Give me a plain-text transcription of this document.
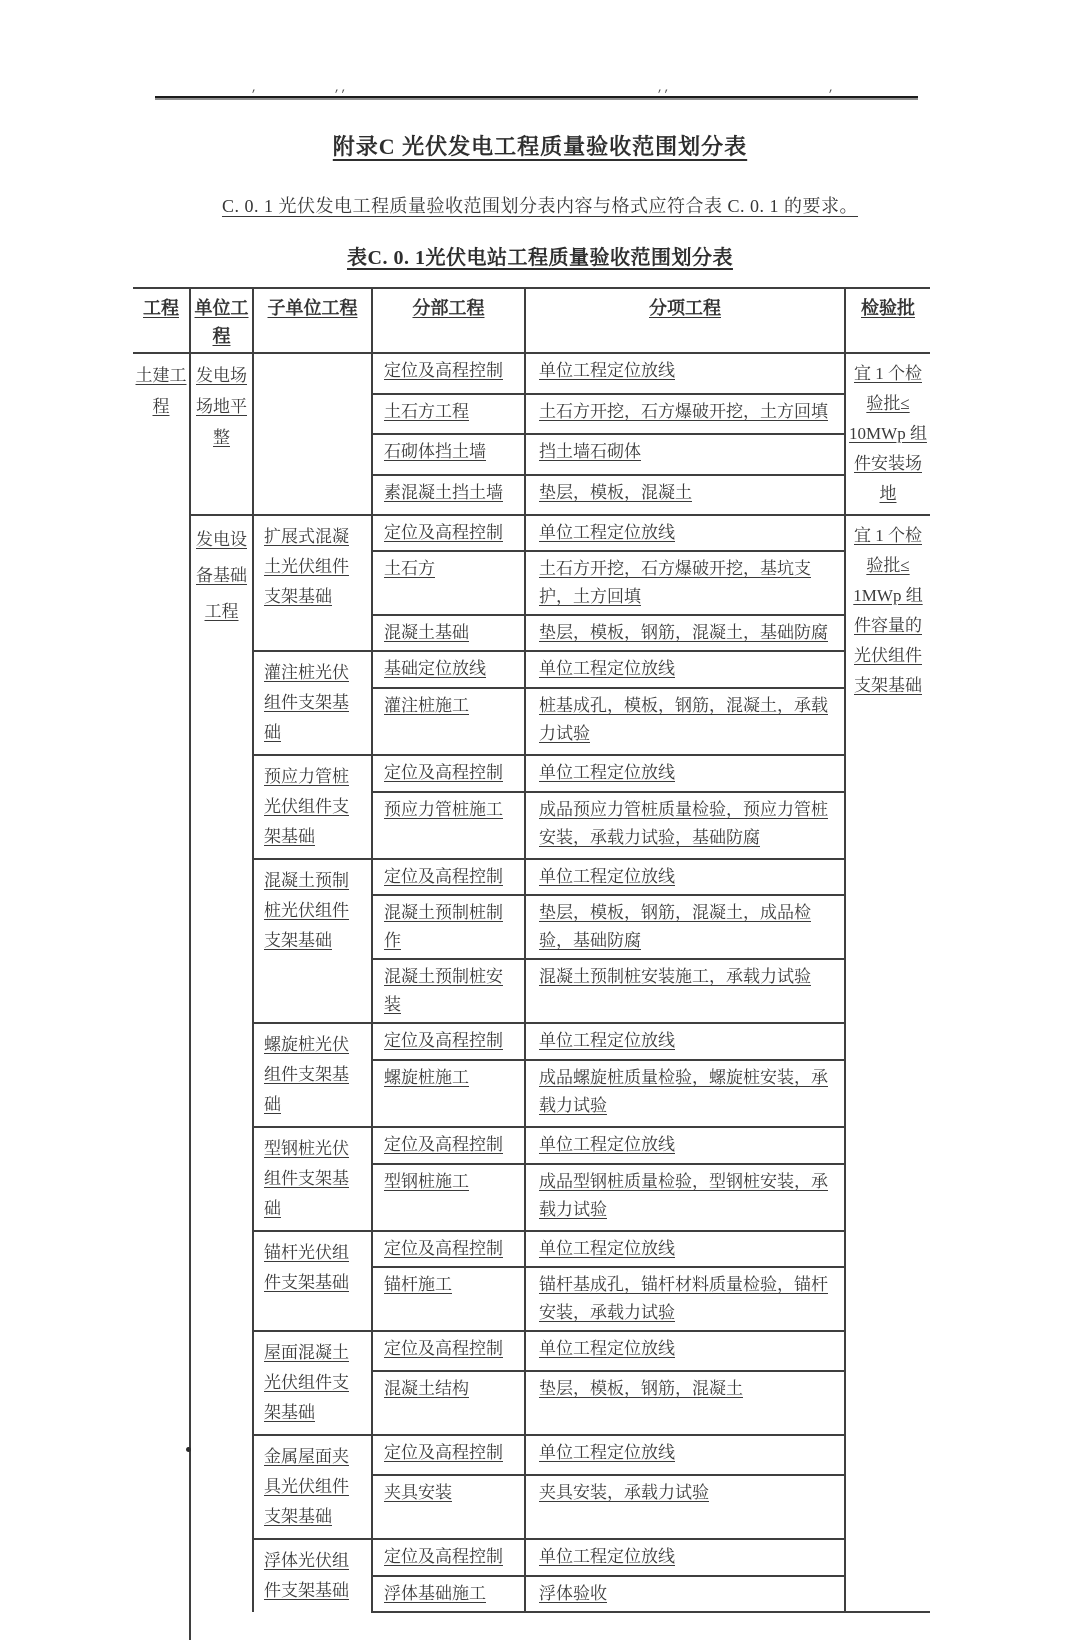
,	,,	,,	,
附录C 光伏发电工程质量验收范围划分表
C. 0. 1 光伏发电工程质量验收范围划分表内容与格式应符合表 C. 0. 1 的要求。
表C. 0. 1光伏电站工程质量验收范围划分表
工程	单位工程	子单位工程	分部工程	分项工程	检验批
土建工程	发电场场地平整		定位及高程控制	单位工程定位放线	宜 1 个检验批≤ 10MWp 组件安装场地
			土石方工程	土石方开挖，石方爆破开挖，土方回填	
			石砌体挡土墙	挡土墙石砌体	
			素混凝土挡土墙	垫层，模板，混凝土	
	发电设备基础工程	扩展式混凝土光伏组件支架基础	定位及高程控制	单位工程定位放线	宜 1 个检验批≤ 1MWp 组件容量的光伏组件支架基础
			土石方	土石方开挖，石方爆破开挖，基坑支护，土方回填	
			混凝土基础	垫层，模板，钢筋，混凝土，基础防腐	
		灌注桩光伏组件支架基础	基础定位放线	单位工程定位放线	
			灌注桩施工	桩基成孔，模板，钢筋，混凝土，承载力试验	
		预应力管桩光伏组件支架基础	定位及高程控制	单位工程定位放线	
			预应力管桩施工	成品预应力管桩质量检验，预应力管桩安装，承载力试验，基础防腐	
		混凝土预制桩光伏组件支架基础	定位及高程控制	单位工程定位放线	
			混凝土预制桩制作	垫层，模板，钢筋，混凝土，成品检验，基础防腐	
			混凝土预制桩安装	混凝土预制桩安装施工，承载力试验	
		螺旋桩光伏组件支架基础	定位及高程控制	单位工程定位放线	
			螺旋桩施工	成品螺旋桩质量检验，螺旋桩安装，承载力试验	
		型钢桩光伏组件支架基础	定位及高程控制	单位工程定位放线	
			型钢桩施工	成品型钢桩质量检验，型钢桩安装，承载力试验	
		锚杆光伏组件支架基础	定位及高程控制	单位工程定位放线	
			锚杆施工	锚杆基成孔，锚杆材料质量检验，锚杆安装，承载力试验	
		屋面混凝土光伏组件支架基础	定位及高程控制	单位工程定位放线	
			混凝土结构	垫层，模板，钢筋，混凝土	
		金属屋面夹具光伏组件支架基础	定位及高程控制	单位工程定位放线	
			夹具安装	夹具安装，承载力试验	
		浮体光伏组件支架基础	定位及高程控制	单位工程定位放线	
			浮体基础施工	浮体验收	
